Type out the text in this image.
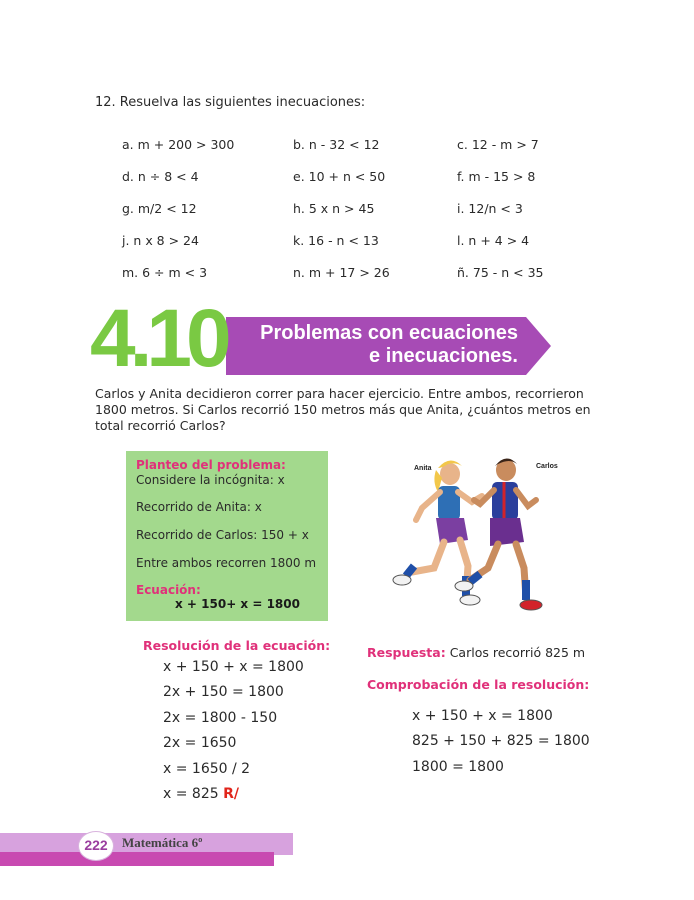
12. Resuelva las siguientes inecuaciones:
a. m + 200 > 300	b. n - 32 < 12	c. 12 - m > 7
d. n ÷ 8 < 4	e. 10 + n < 50	f. m - 15 > 8
g. m/2 < 12	h. 5 x n > 45	i. 12/n < 3
j. n x 8 > 24	k. 16 - n < 13	l. n + 4 > 4
m. 6 ÷ m < 3	n. m + 17 > 26	ñ. 75 - n < 35
4.10	Problemas con ecuaciones
e inecuaciones.
Carlos y Anita decidieron correr para hacer ejercicio. Entre ambos, recorrieron 1800 metros. Si Carlos recorrió 150 metros más que Anita, ¿cuántos metros en total recorrió Carlos?
Planteo del problema:
Considere la incógnita: x
Recorrido de Anita: x
Recorrido de Carlos: 150 + x
Entre ambos recorren 1800 m
Ecuación:
x + 150+ x = 1800
Anita	Carlos
Resolución de la ecuación:
x + 150 + x = 1800
2x + 150 = 1800
2x = 1800 - 150
2x = 1650
x = 1650 / 2
x = 825 R/
Respuesta: Carlos recorrió 825 m
Comprobación de la resolución:
x + 150 + x = 1800
825 + 150 + 825 = 1800
1800 = 1800
222	Matemática 6º
